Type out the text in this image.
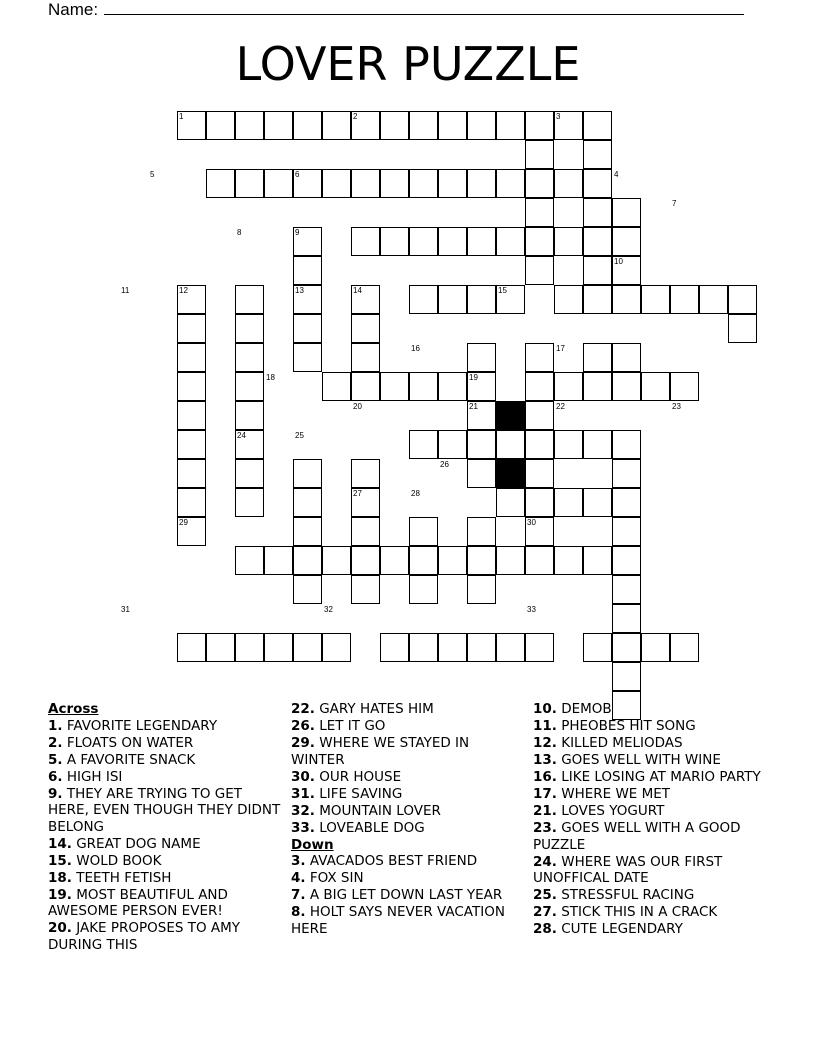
Name:
LOVER PUZZLE
1	2	3
4
5	6
7
8	9
10
11	12	13	14	15
16	17
18	19
20	21	22	23
24	25
26
27	28
29	30
31	32	33
Across
1. FAVORITE LEGENDARY
2. FLOATS ON WATER
5. A FAVORITE SNACK
6. HIGH ISI
9. THEY ARE TRYING TO GET HERE, EVEN THOUGH THEY DIDNT BELONG
14. GREAT DOG NAME
15. WOLD BOOK
18. TEETH FETISH
19. MOST BEAUTIFUL AND AWESOME PERSON EVER!
20. JAKE PROPOSES TO AMY DURING THIS
22. GARY HATES HIM
26. LET IT GO
29. WHERE WE STAYED IN WINTER
30. OUR HOUSE
31. LIFE SAVING
32. MOUNTAIN LOVER
33. LOVEABLE DOG
Down
3. AVACADOS BEST FRIEND
4. FOX SIN
7. A BIG LET DOWN LAST YEAR
8. HOLT SAYS NEVER VACATION HERE
10. DEMOB
11. PHEOBES HIT SONG
12. KILLED MELIODAS
13. GOES WELL WITH WINE
16. LIKE LOSING AT MARIO PARTY
17. WHERE WE MET
21. LOVES YOGURT
23. GOES WELL WITH A GOOD PUZZLE
24. WHERE WAS OUR FIRST UNOFFICAL DATE
25. STRESSFUL RACING
27. STICK THIS IN A CRACK
28. CUTE LEGENDARY
